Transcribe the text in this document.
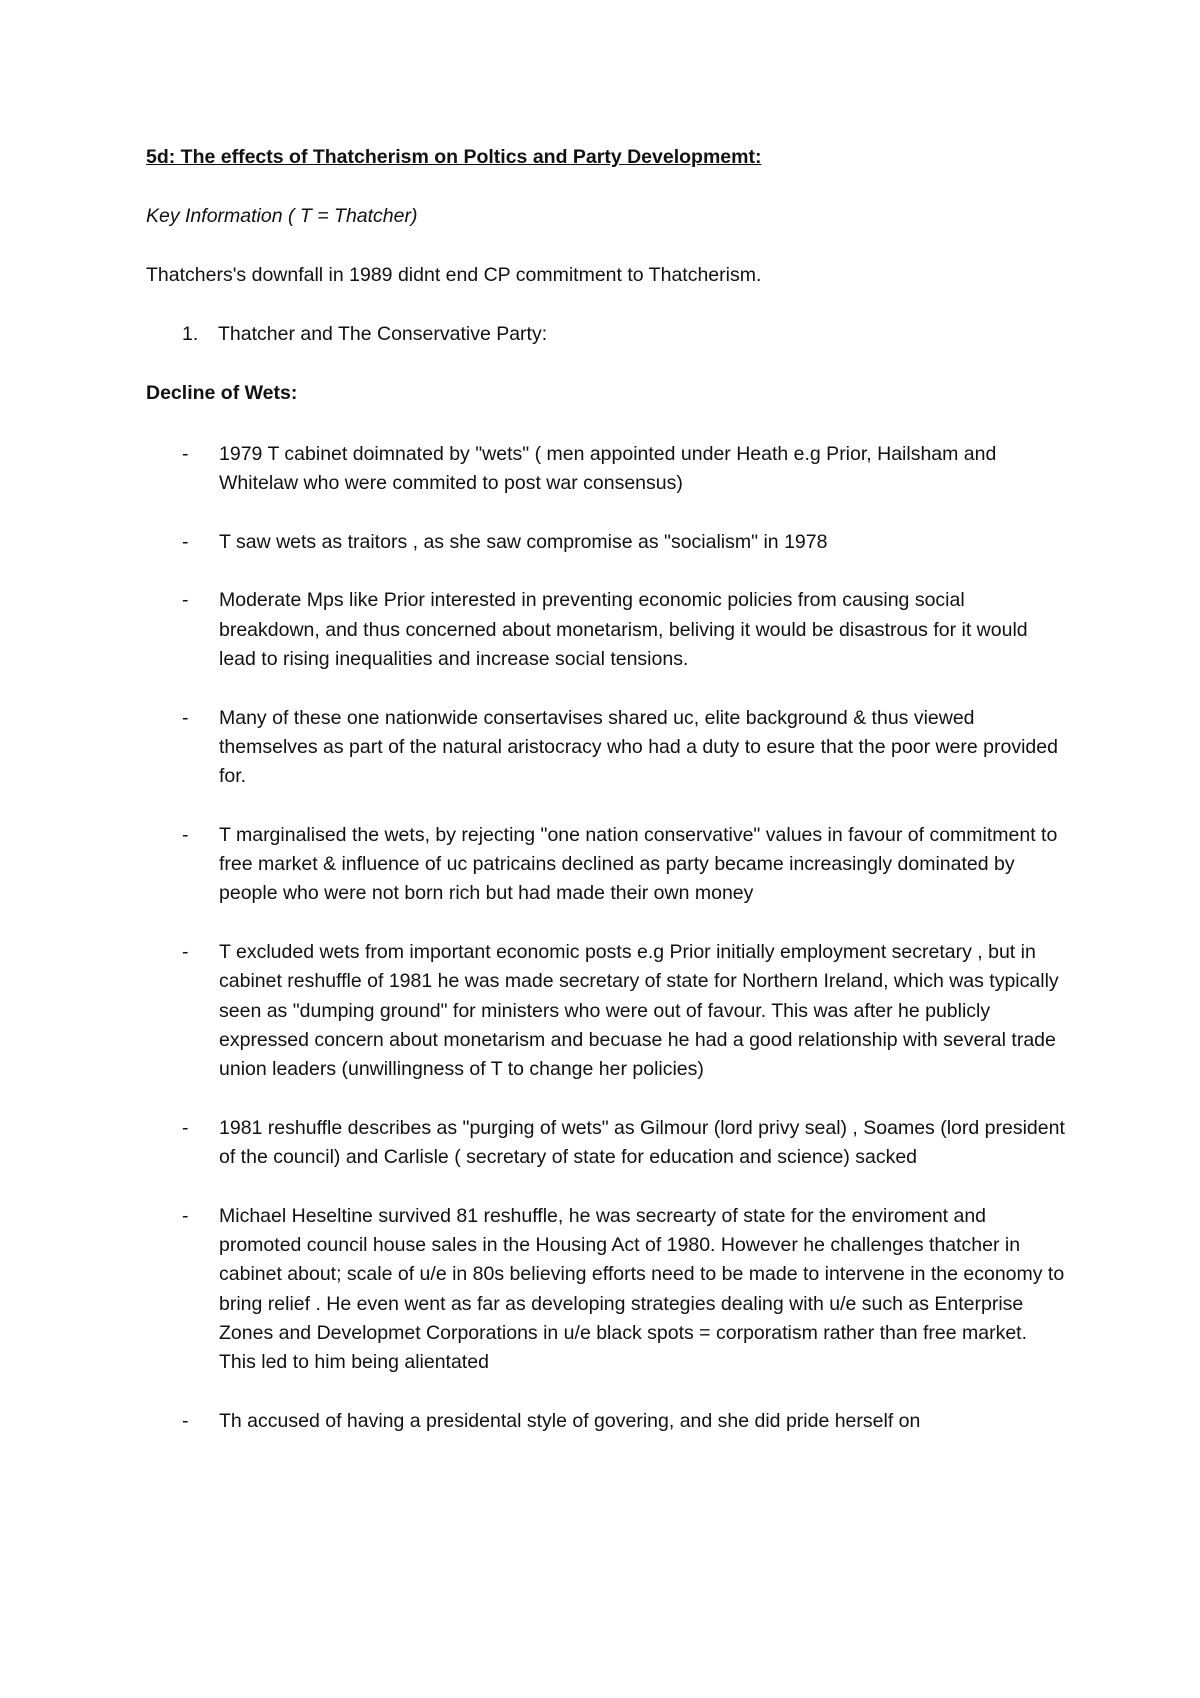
5d: The effects of Thatcherism on Poltics and Party Developmemt:
Key Information ( T = Thatcher)
Thatchers's downfall in 1989 didnt end CP commitment to Thatcherism.
1. Thatcher and The Conservative Party:
Decline of Wets:
- 1979 T cabinet doimnated by "wets" ( men appointed under Heath e.g Prior, Hailsham and Whitelaw who were commited to post war consensus)
- T saw wets as traitors , as she saw compromise as "socialism" in 1978
- Moderate Mps like Prior interested in preventing economic policies from causing social breakdown, and thus concerned about monetarism, beliving it would be disastrous for it would lead to rising inequalities and increase social tensions.
- Many of these one nationwide consertavises shared uc, elite background & thus viewed themselves as part of the natural aristocracy who had a duty to esure that the poor were provided for.
- T marginalised the wets, by rejecting "one nation conservative" values in favour of commitment to free market & influence of uc patricains declined as party became increasingly dominated by people who were not born rich but had made their own money
- T excluded wets from important economic posts e.g Prior initially employment secretary , but in cabinet reshuffle of 1981 he was made secretary of state for Northern Ireland, which was typically seen as "dumping ground" for ministers who were out of favour. This was after he publicly expressed concern about monetarism and becuase he had a good relationship with several trade union leaders (unwillingness of T to change her policies)
- 1981 reshuffle describes as "purging of wets" as Gilmour (lord privy seal) , Soames (lord president of the council) and Carlisle ( secretary of state for education and science) sacked
- Michael Heseltine survived 81 reshuffle, he was secrearty of state for the enviroment and promoted council house sales in the Housing Act of 1980. However he challenges thatcher in cabinet about; scale of u/e in 80s believing efforts need to be made to intervene in the economy to bring relief . He even went as far as developing strategies dealing with u/e such as Enterprise Zones and Developmet Corporations in u/e black spots = corporatism rather than free market. This led to him being alientated
- Th accused of having a presidental style of govering, and she did pride herself on
